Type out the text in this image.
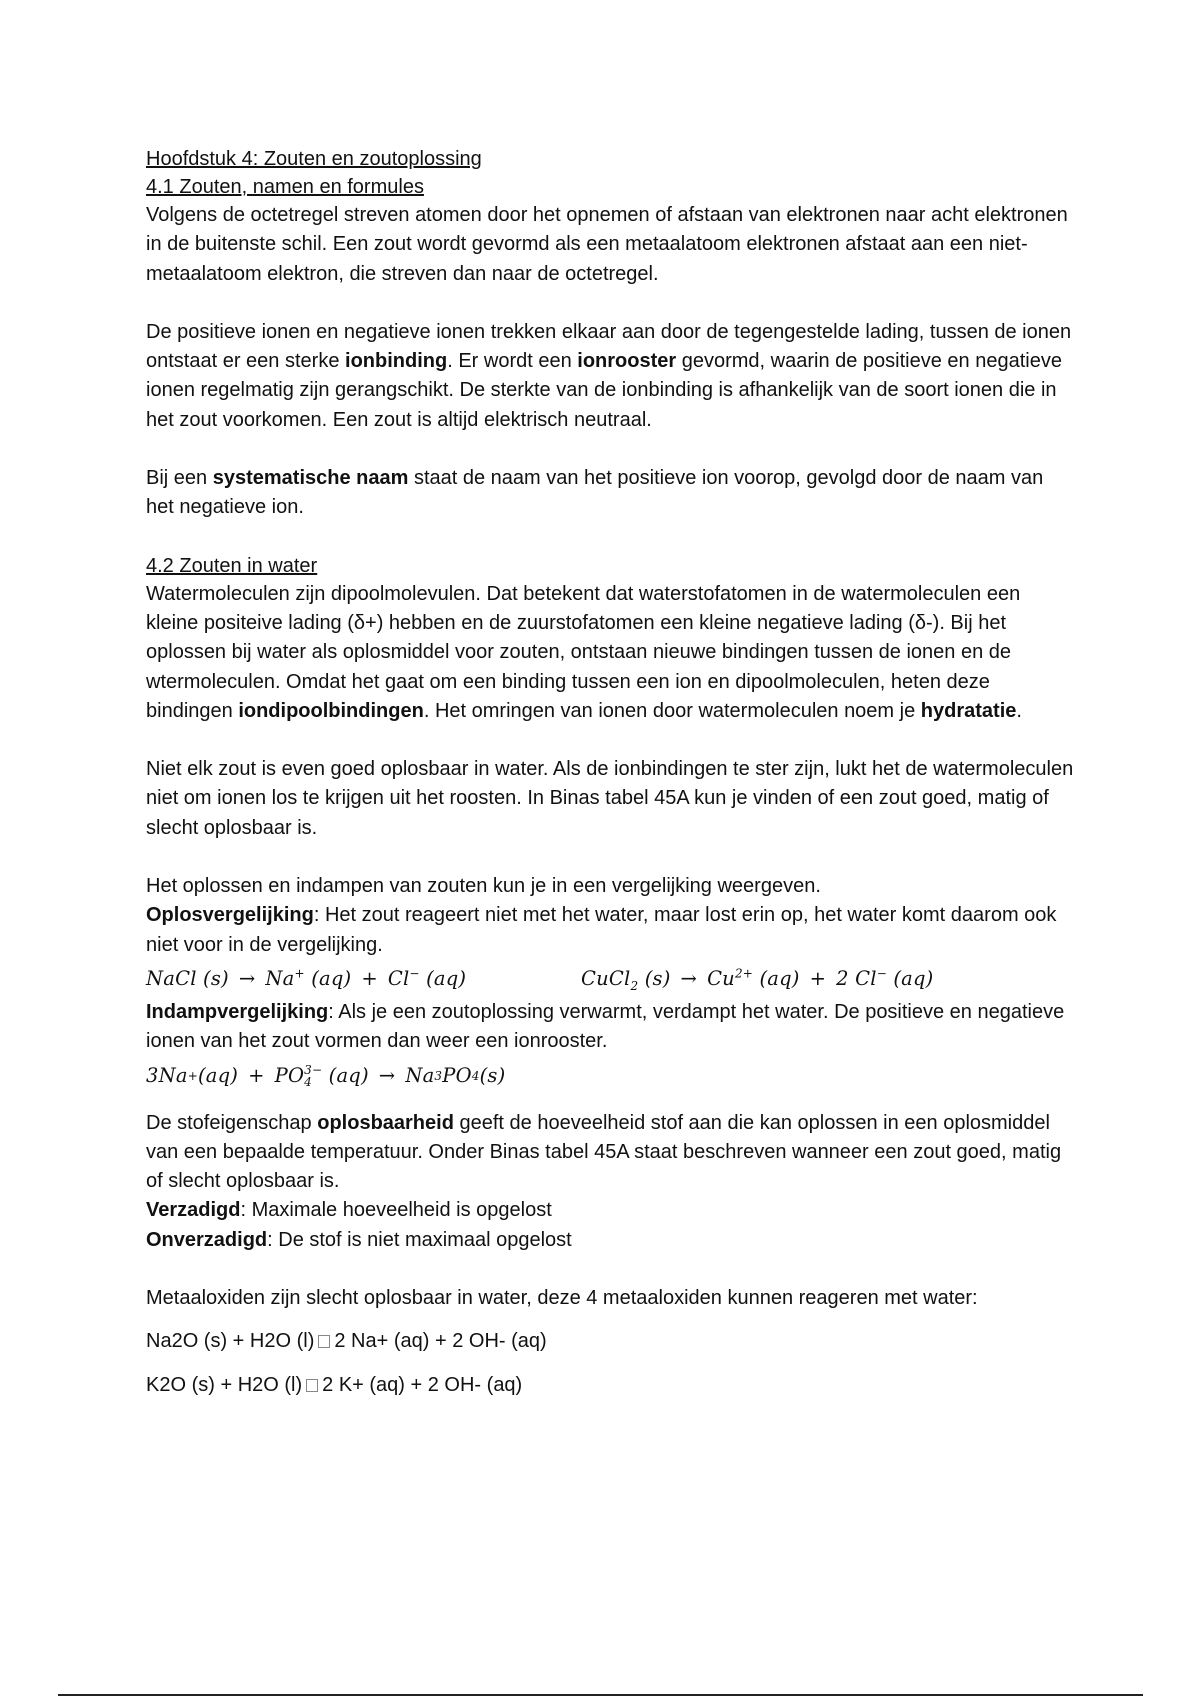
Hoofdstuk 4: Zouten en zoutoplossing
4.1 Zouten, namen en formules

Volgens de octetregel streven atomen door het opnemen of afstaan van elektronen naar acht elektronen in de buitenste schil. Een zout wordt gevormd als een metaalatoom elektronen afstaat aan een niet-metaalatoom elektron, die streven dan naar de octetregel.

De positieve ionen en negatieve ionen trekken elkaar aan door de tegengestelde lading, tussen de ionen ontstaat er een sterke ionbinding. Er wordt een ionrooster gevormd, waarin de positieve en negatieve ionen regelmatig zijn gerangschikt. De sterkte van de ionbinding is afhankelijk van de soort ionen die in het zout voorkomen. Een zout is altijd elektrisch neutraal.

Bij een systematische naam staat de naam van het positieve ion voorop, gevolgd door de naam van het negatieve ion.

4.2 Zouten in water

Watermoleculen zijn dipoolmolevulen. Dat betekent dat waterstofatomen in de watermoleculen een kleine positeive lading (δ+) hebben en de zuurstofatomen een kleine negatieve lading (δ-). Bij het oplossen bij water als oplosmiddel voor zouten, ontstaan nieuwe bindingen tussen de ionen en de wtermoleculen. Omdat het gaat om een binding tussen een ion en dipoolmoleculen, heten deze bindingen iondipoolbindingen. Het omringen van ionen door watermoleculen noem je hydratatie.

Niet elk zout is even goed oplosbaar in water. Als de ionbindingen te ster zijn, lukt het de watermoleculen niet om ionen los te krijgen uit het roosten. In Binas tabel 45A kun je vinden of een zout goed, matig of slecht oplosbaar is.

Het oplossen en indampen van zouten kun je in een vergelijking weergeven.

Oplosvergelijking: Het zout reageert niet met het water, maar lost erin op, het water komt daarom ook niet voor in de vergelijking.

NaCl (s) → Na+ (aq) + Cl− (aq)	CuCl$_2$ $(s) \to Cu^{2+}$ (aq) + 2 Cl− (aq)

Indampvergelijking: Als je een zoutoplossing verwarmt, verdampt het water. De positieve en negatieve ionen van het zout vormen dan weer een ionrooster.

3Na + (aq) + PO 3−
4
(aq) → Na 3 PO 4 (s)

De stofeigenschap oplosbaarheid geeft de hoeveelheid stof aan die kan oplossen in een oplosmiddel van een bepaalde temperatuur. Onder Binas tabel 45A staat beschreven wanneer een zout goed, matig of slecht oplosbaar is.

Verzadigd: Maximale hoeveelheid is opgelost

Onverzadigd: De stof is niet maximaal opgelost

Metaaloxiden zijn slecht oplosbaar in water, deze 4 metaaloxiden kunnen reageren met water:

Na2O (s) + H2O (l) 2 Na+ (aq) + 2 OH- (aq)

K2O (s) + H2O (l) 2 K+ (aq) + 2 OH- (aq)
